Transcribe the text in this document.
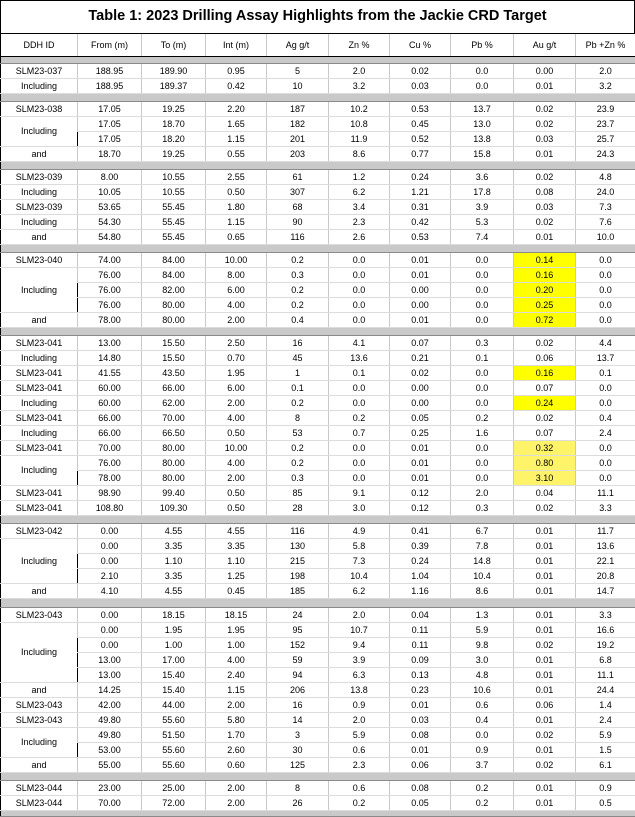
Table 1: 2023 Drilling Assay Highlights from the Jackie CRD Target
DDH ID	From (m)	To (m)	Int (m)	Ag g/t	Zn %	Cu %	Pb %	Au g/t	Pb +Zn %

SLM23-037	188.95	189.90	0.95	5	2.0	0.02	0.0	0.00	2.0
Including	188.95	189.37	0.42	10	3.2	0.03	0.0	0.01	3.2

SLM23-038	17.05	19.25	2.20	187	10.2	0.53	13.7	0.02	23.9
Including	17.05	18.70	1.65	182	10.8	0.45	13.0	0.02	23.7
	17.05	18.20	1.15	201	11.9	0.52	13.8	0.03	25.7
and	18.70	19.25	0.55	203	8.6	0.77	15.8	0.01	24.3

SLM23-039	8.00	10.55	2.55	61	1.2	0.24	3.6	0.02	4.8
Including	10.05	10.55	0.50	307	6.2	1.21	17.8	0.08	24.0
SLM23-039	53.65	55.45	1.80	68	3.4	0.31	3.9	0.03	7.3
Including	54.30	55.45	1.15	90	2.3	0.42	5.3	0.02	7.6
and	54.80	55.45	0.65	116	2.6	0.53	7.4	0.01	10.0

SLM23-040	74.00	84.00	10.00	0.2	0.0	0.01	0.0	0.14	0.0
Including	76.00	84.00	8.00	0.3	0.0	0.01	0.0	0.16	0.0
	76.00	82.00	6.00	0.2	0.0	0.00	0.0	0.20	0.0
	76.00	80.00	4.00	0.2	0.0	0.00	0.0	0.25	0.0
and	78.00	80.00	2.00	0.4	0.0	0.01	0.0	0.72	0.0

SLM23-041	13.00	15.50	2.50	16	4.1	0.07	0.3	0.02	4.4
Including	14.80	15.50	0.70	45	13.6	0.21	0.1	0.06	13.7
SLM23-041	41.55	43.50	1.95	1	0.1	0.02	0.0	0.16	0.1
SLM23-041	60.00	66.00	6.00	0.1	0.0	0.00	0.0	0.07	0.0
Including	60.00	62.00	2.00	0.2	0.0	0.00	0.0	0.24	0.0
SLM23-041	66.00	70.00	4.00	8	0.2	0.05	0.2	0.02	0.4
Including	66.00	66.50	0.50	53	0.7	0.25	1.6	0.07	2.4
SLM23-041	70.00	80.00	10.00	0.2	0.0	0.01	0.0	0.32	0.0
Including	76.00	80.00	4.00	0.2	0.0	0.01	0.0	0.80	0.0
	78.00	80.00	2.00	0.3	0.0	0.01	0.0	3.10	0.0
SLM23-041	98.90	99.40	0.50	85	9.1	0.12	2.0	0.04	11.1
SLM23-041	108.80	109.30	0.50	28	3.0	0.12	0.3	0.02	3.3

SLM23-042	0.00	4.55	4.55	116	4.9	0.41	6.7	0.01	11.7
Including	0.00	3.35	3.35	130	5.8	0.39	7.8	0.01	13.6
	0.00	1.10	1.10	215	7.3	0.24	14.8	0.01	22.1
	2.10	3.35	1.25	198	10.4	1.04	10.4	0.01	20.8
and	4.10	4.55	0.45	185	6.2	1.16	8.6	0.01	14.7

SLM23-043	0.00	18.15	18.15	24	2.0	0.04	1.3	0.01	3.3
Including	0.00	1.95	1.95	95	10.7	0.11	5.9	0.01	16.6
	0.00	1.00	1.00	152	9.4	0.11	9.8	0.02	19.2
	13.00	17.00	4.00	59	3.9	0.09	3.0	0.01	6.8
	13.00	15.40	2.40	94	6.3	0.13	4.8	0.01	11.1
and	14.25	15.40	1.15	206	13.8	0.23	10.6	0.01	24.4
SLM23-043	42.00	44.00	2.00	16	0.9	0.01	0.6	0.06	1.4
SLM23-043	49.80	55.60	5.80	14	2.0	0.03	0.4	0.01	2.4
Including	49.80	51.50	1.70	3	5.9	0.08	0.0	0.02	5.9
	53.00	55.60	2.60	30	0.6	0.01	0.9	0.01	1.5
and	55.00	55.60	0.60	125	2.3	0.06	3.7	0.02	6.1

SLM23-044	23.00	25.00	2.00	8	0.6	0.08	0.2	0.01	0.9
SLM23-044	70.00	72.00	2.00	26	0.2	0.05	0.2	0.01	0.5
